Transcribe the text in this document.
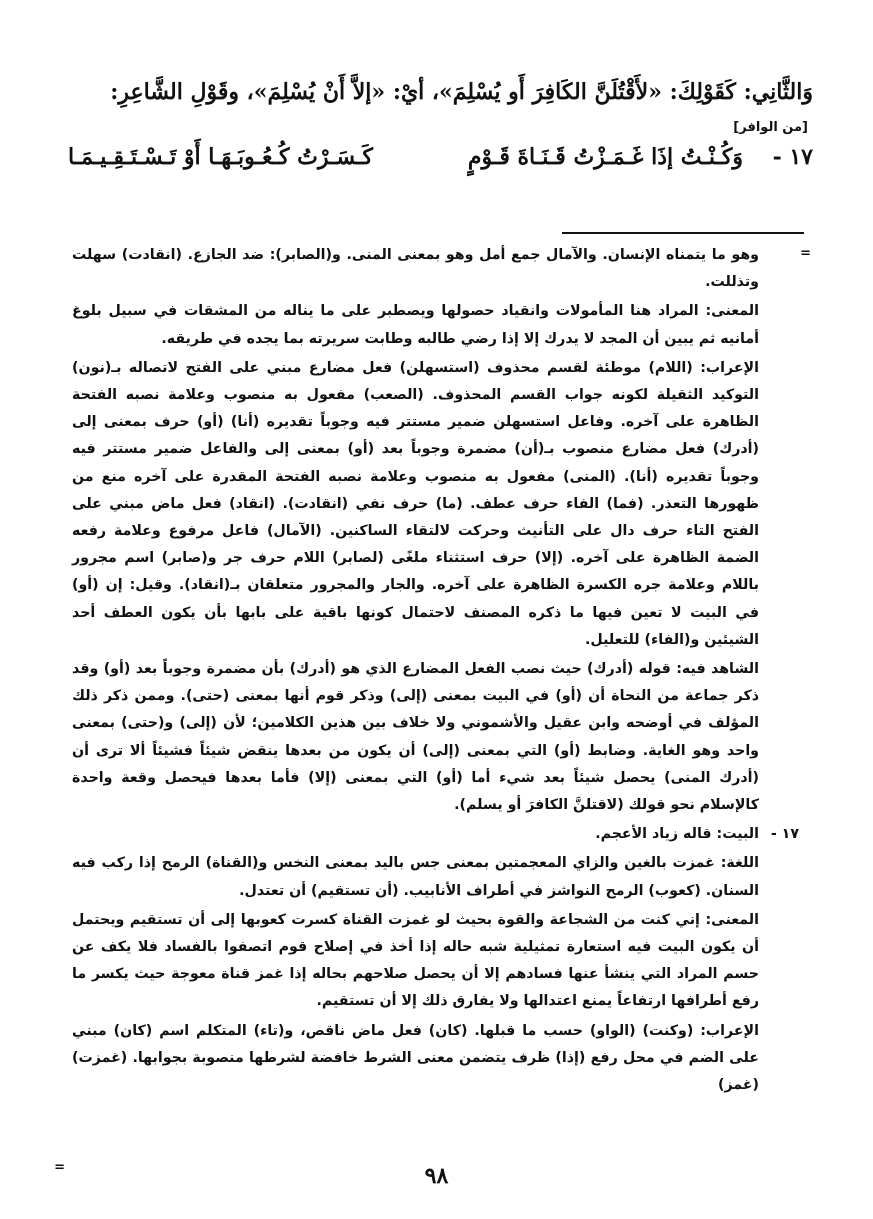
وَالثَّانِي: كَقَوْلِكَ: «لأَقْتُلَنَّ الكَافِرَ أَو يُسْلِمَ»، أيْ: «إلاَّ أَنْ يُسْلِمَ»، وقَوْلِ الشَّاعِرِ:
[من الوافر]
١٧ -
وَكُـنْـتُ إذَا غَـمَـزْتُ قَـنَـاةَ قَـوْمٍ
كَـسَـرْتُ كُـعُـوبَـهَـا أَوْ تَـسْـتَـقِـيـمَـا
=

وهو ما يتمناه الإنسان. والآمال جمع أمل وهو بمعنى المنى. و(الصابر): ضد الجازع. (انقادت) سهلت وتذللت.

المعنى: المراد هنا المأمولات وانقياد حصولها ويصطبر على ما يناله من المشقات في سبيل بلوغ أمانيه ثم يبين أن المجد لا يدرك إلا إذا رضي طالبه وطابت سريرته بما يجده في طريقه.

الإعراب: (اللام) موطئة لقسم محذوف (استسهلن) فعل مضارع مبني على الفتح لاتصاله بـ(نون) التوكيد الثقيلة لكونه جواب القسم المحذوف. (الصعب) مفعول به منصوب وعلامة نصبه الفتحة الظاهرة على آخره. وفاعل استسهلن ضمير مستتر فيه وجوباً تقديره (أنا) (أو) حرف بمعنى إلى (أدرك) فعل مضارع منصوب بـ(أن) مضمرة وجوباً بعد (أو) بمعنى إلى والفاعل ضمير مستتر فيه وجوباً تقديره (أنا). (المنى) مفعول به منصوب وعلامة نصبه الفتحة المقدرة على آخره منع من ظهورها التعذر. (فما) الفاء حرف عطف. (ما) حرف نفي (انقادت). (انقاد) فعل ماض مبني على الفتح التاء حرف دال على التأنيث وحركت لالتقاء الساكنين. (الآمال) فاعل مرفوع وعلامة رفعه الضمة الظاهرة على آخره. (إلا) حرف استثناء ملغًى (لصابر) اللام حرف جر و(صابر) اسم مجرور باللام وعلامة جره الكسرة الظاهرة على آخره. والجار والمجرور متعلقان بـ(انقاد). وقيل: إن (أو) في البيت لا تعين فيها ما ذكره المصنف لاحتمال كونها باقية على بابها بأن يكون العطف أحد الشيئين و(الفاء) للتعليل.

الشاهد فيه: قوله (أدرك) حيث نصب الفعل المضارع الذي هو (أدرك) بأن مضمرة وجوباً بعد (أو) وقد ذكر جماعة من النحاة أن (أو) في البيت بمعنى (إلى) وذكر قوم أنها بمعنى (حتى). وممن ذكر ذلك المؤلف في أوضحه وابن عقيل والأشموني ولا خلاف بين هذين الكلامين؛ لأن (إلى) و(حتى) بمعنى واحد وهو الغاية. وضابط (أو) التي بمعنى (إلى) أن يكون من بعدها ينقض شيئاً فشيئاً ألا ترى أن (أدرك المنى) يحصل شيئاً بعد شيء أما (أو) التي بمعنى (إلا) فأما بعدها فيحصل وقعة واحدة كالإسلام نحو قولك (لاقتلنَّ الكافرَ أو يسلم).

١٧ -
البيت: قاله زياد الأعجم.

اللغة: غمزت بالغين والزاي المعجمتين بمعنى جس باليد بمعنى النخس و(القناة) الرمح إذا ركب فيه السنان. (كعوب) الرمح النواشز في أطراف الأنابيب. (أن تستقيم) أن تعتدل.

المعنى: إني كنت من الشجاعة والقوة بحيث لو غمزت القناة كسرت كعوبها إلى أن تستقيم ويحتمل أن يكون البيت فيه استعارة تمثيلية شبه حاله إذا أخذ في إصلاح قوم اتصفوا بالفساد فلا يكف عن حسم المراد التي ينشأ عنها فسادهم إلا أن يحصل صلاحهم بحاله إذا غمز قناة معوجة حيث يكسر ما رفع أطرافها ارتفاعاً يمنع اعتدالها ولا يفارق ذلك إلا أن تستقيم.

الإعراب: (وكنت) (الواو) حسب ما قبلها. (كان) فعل ماض ناقص، و(تاء) المتكلم اسم (كان) مبني على الضم في محل رفع (إذا) ظرف يتضمن معنى الشرط خافضة لشرطها منصوبة بجوابها. (غمزت) (غمز)

=	٩٨
